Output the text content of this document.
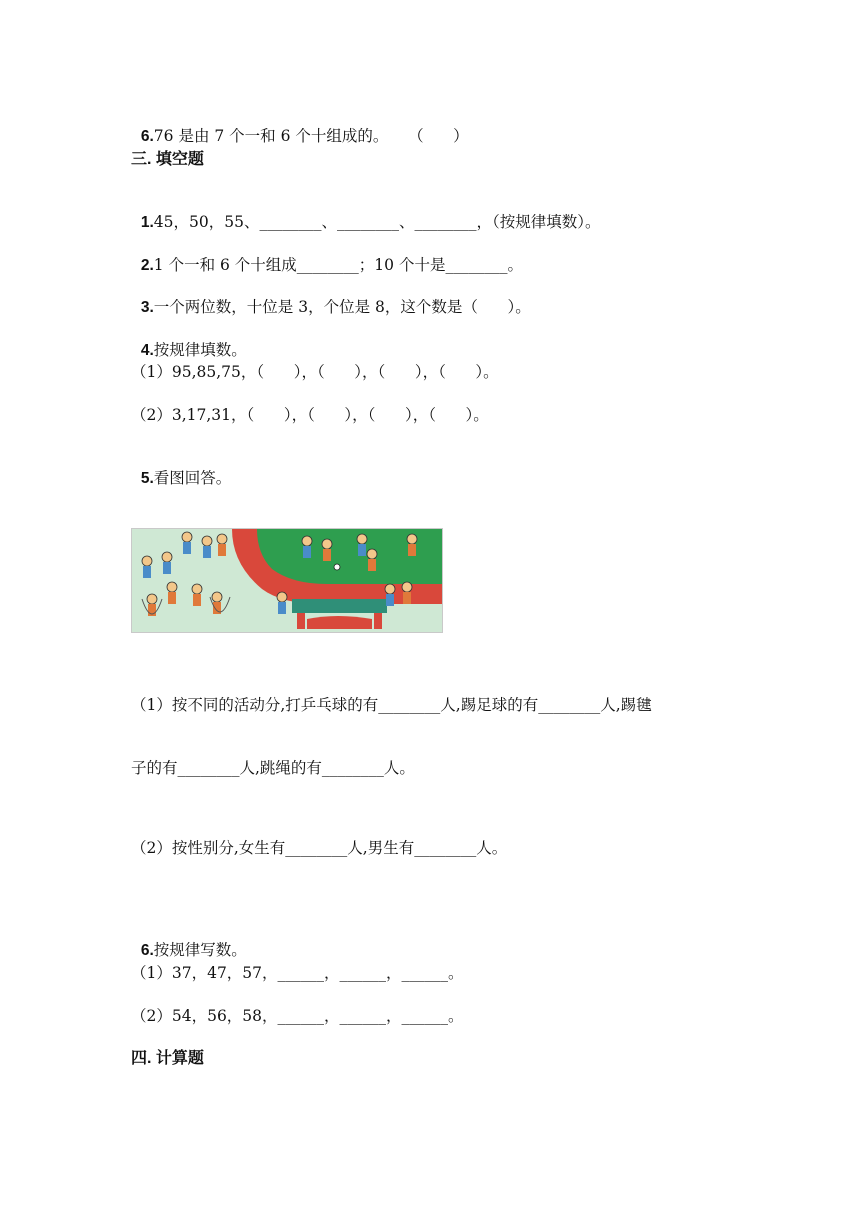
6.76 是由 7 个一和 6 个十组成的。    （      ）

三. 填空题

1.45，50，55、________、________、________，（按规律填数）。

2.1 个一和 6 个十组成________；10 个十是________。

3.一个两位数，十位是 3，个位是 8，这个数是（      ）。

4.按规律填数。

（1）95,85,75，（      ），（      ），（      ），（      ）。
（2）3,17,31，（      ），（      ），（      ），（      ）。

5.看图回答。

（1）按不同的活动分,打乒乓球的有________人,踢足球的有________人,踢毽
子的有________人,跳绳的有________人。
（2）按性别分,女生有________人,男生有________人。

6.按规律写数。

（1）37，47，57，______，______，______。
（2）54，56，58，______，______，______。
四. 计算题
